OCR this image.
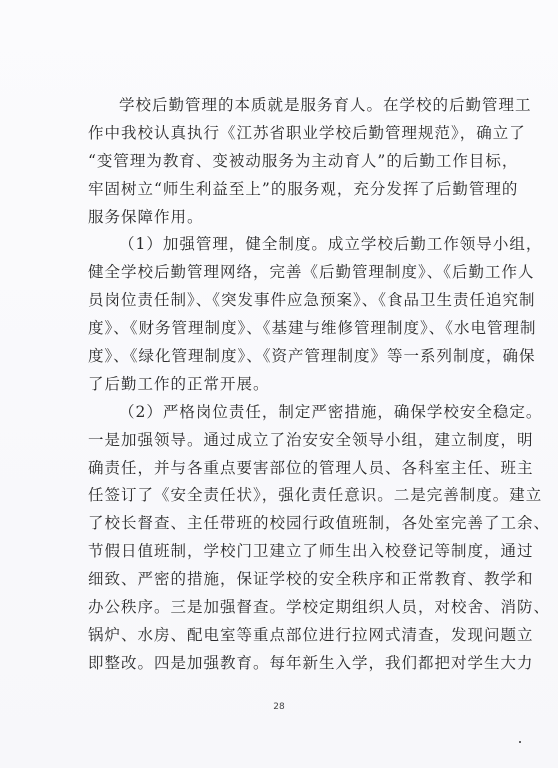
学校后勤管理的本质就是服务育人。在学校的后勤管理工
作中我校认真执行《江苏省职业学校后勤管理规范》，确立了
“变管理为教育、变被动服务为主动育人”的后勤工作目标，
牢固树立“师生利益至上”的服务观，充分发挥了后勤管理的
服务保障作用。
（1）加强管理，健全制度。成立学校后勤工作领导小组，
健全学校后勤管理网络，完善《后勤管理制度》、《后勤工作人
员岗位责任制》、《突发事件应急预案》、《食品卫生责任追究制
度》、《财务管理制度》、《基建与维修管理制度》、《水电管理制
度》、《绿化管理制度》、《资产管理制度》等一系列制度，确保
了后勤工作的正常开展。
（2）严格岗位责任，制定严密措施，确保学校安全稳定。
一是加强领导。通过成立了治安安全领导小组，建立制度，明
确责任，并与各重点要害部位的管理人员、各科室主任、班主
任签订了《安全责任状》，强化责任意识。二是完善制度。建立
了校长督查、主任带班的校园行政值班制，各处室完善了工余、
节假日值班制，学校门卫建立了师生出入校登记等制度，通过
细致、严密的措施，保证学校的安全秩序和正常教育、教学和
办公秩序。三是加强督查。学校定期组织人员，对校舍、消防、
锅炉、水房、配电室等重点部位进行拉网式清查，发现问题立
即整改。四是加强教育。每年新生入学，我们都把对学生大力
28
